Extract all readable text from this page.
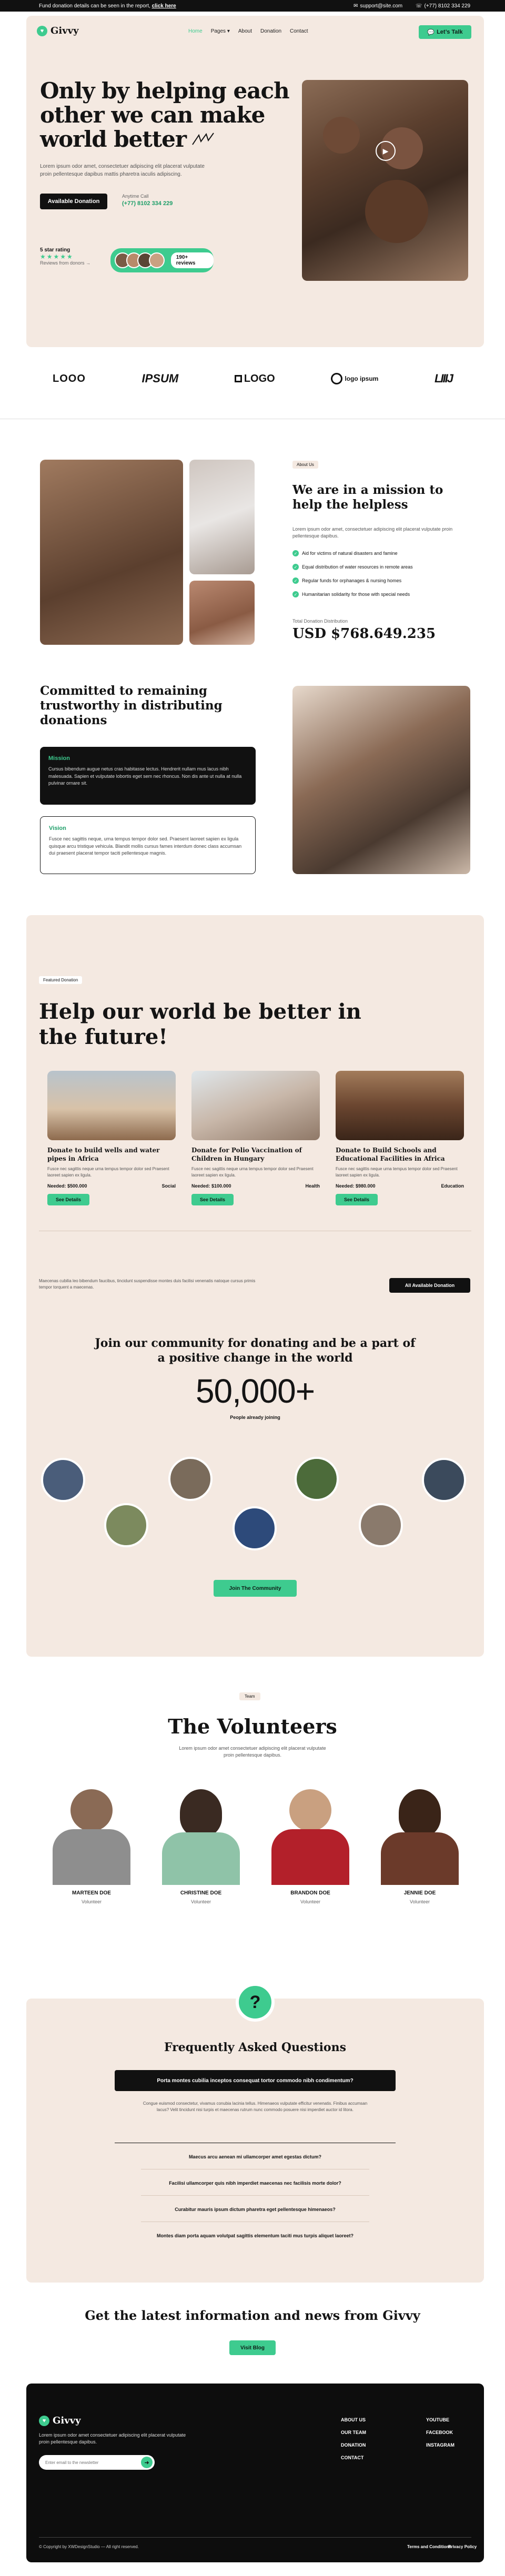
Fund donation details can be seen in the report, click here	✉ support@site.com ☏ (+77) 8102 334 229
♥ Givvy	Home Pages ▾ About Donation Contact	💬 Let’s Talk
Only by helping each
other we can make
world better
Lorem ipsum odor amet, consectetuer adipiscing elit placerat vulputate proin pellentesque dapibus mattis pharetra iaculis adipiscing.
Available Donation
Anytime Call
(+77) 8102 334 229
5 star rating
★★★★★
Reviews from donors →
190+ reviews
▶
LOOO	IPSUM	LOGO	logo ipsum	LIIIJ
About Us
We are in a mission to
help the helpless
Lorem ipsum odor amet, consectetuer adipiscing elit placerat vulputate proin pellentesque dapibus.
✓ Aid for victims of natural disasters and famine
✓ Equal distribution of water resources in remote areas
✓ Regular funds for orphanages & nursing homes
✓ Humanitarian solidarity for those with special needs
Total Donation Distribution
USD $768.649.235
Committed to remaining
trustworthy in distributing
donations
Mission
Cursus bibendum augue netus cras habitasse lectus. Hendrerit nullam mus lacus nibh malesuada. Sapien et vulputate lobortis eget sem nec rhoncus. Non dis ante ut nulla at nulla pulvinar ornare sit.
Vision
Fusce nec sagittis neque, urna tempus tempor dolor sed. Praesent laoreet sapien ex ligula quisque arcu tristique vehicula. Blandit mollis cursus fames interdum donec class accumsan dui praesent placerat tempor taciti pellentesque magnis.
Featured Donation
Help our world be better in
the future!
Donate to build wells and water pipes in Africa
Fusce nec sagittis neque urna tempus tempor dolor sed Praesent laoreet sapien ex ligula.
Needed: $500.000	Social
See Details
Donate for Polio Vaccination of Children in Hungary
Fusce nec sagittis neque urna tempus tempor dolor sed Praesent laoreet sapien ex ligula.
Needed: $100.000	Health
See Details
Donate to Build Schools and Educational Facilities in Africa
Fusce nec sagittis neque urna tempus tempor dolor sed Praesent laoreet sapien ex ligula.
Needed: $980.000	Education
See Details
Maecenas cubilia leo bibendum faucibus, tincidunt suspendisse montes duis facilisi venenatis natoque cursus primis tempor torquent a maecenas.	All Available Donation
Join our community for donating and be a part of
a positive change in the world
50,000+
People already joining
Join The Community
Team
The Volunteers
Lorem ipsum odor amet consectetuer adipiscing elit placerat vulputate proin pellentesque dapibus.
MARTEEN DOE
Volunteer
CHRISTINE DOE
Volunteer
BRANDON DOE
Volunteer
JENNIE DOE
Volunteer
?
Frequently Asked Questions
Porta montes cubilia inceptos consequat tortor commodo nibh condimentum?
Congue euismod consectetur, vivamus conubia lacinia tellus. Himenaeos vulputate efficitur venenatis. Finibus accumsan lacus? Velit tincidunt nisi turpis et maecenas rutrum nunc commodo posuere nisi imperdiet auctor id litora.
Maecus arcu aenean mi ullamcorper amet egestas dictum?
Facilisi ullamcorper quis nibh imperdiet maecenas nec facilisis morte dolor?
Curabitur mauris ipsum dictum pharetra eget pellentesque himenaeos?
Montes diam porta aquam volutpat sagittis elementum taciti mus turpis aliquet laoreet?
Get the latest information and news from Givvy
Visit Blog
♥ Givvy
Lorem ipsum odor amet consectetuer adipiscing elit placerat vulputate proin pellentesque dapibus.
Enter email to the newsletter
➜
ABOUT US
OUR TEAM
DONATION
CONTACT
YOUTUBE
FACEBOOK
INSTAGRAM
© Copyright by XWDesignStudio — All right reserved.	Terms and Conditions
Privacy Policy
